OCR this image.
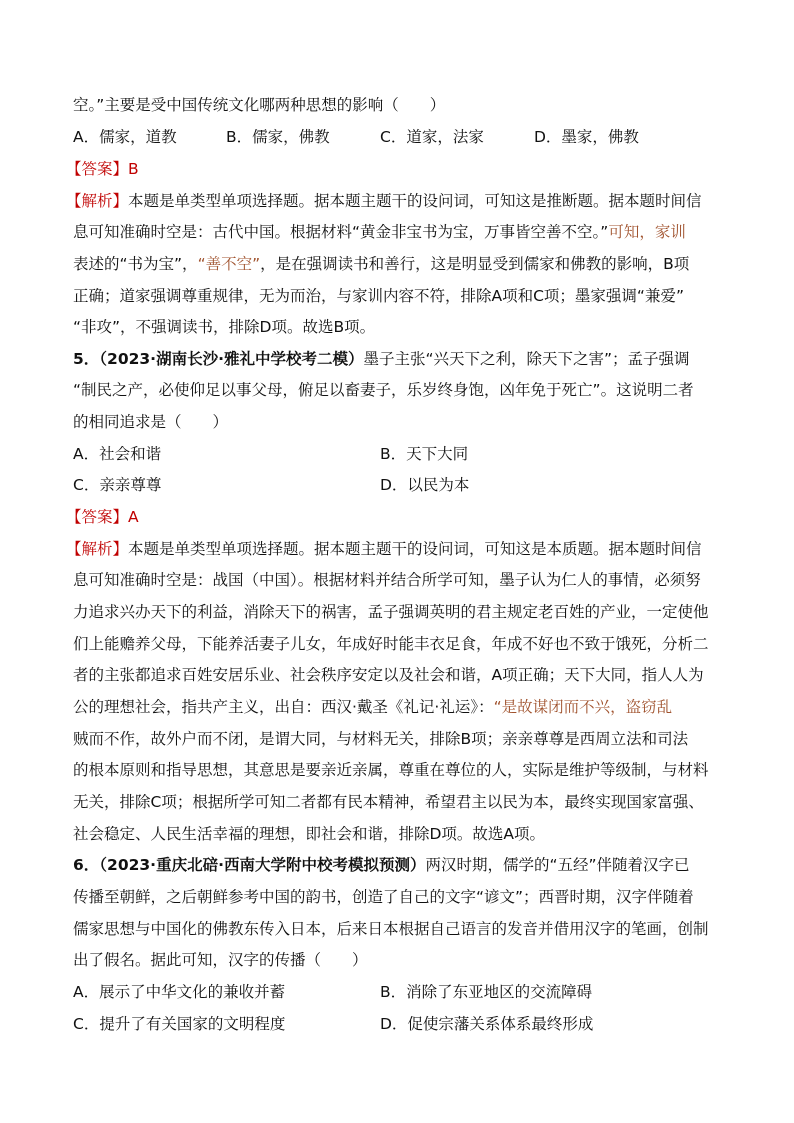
空。”主要是受中国传统文化哪两种思想的影响（　　）
A．儒家，道教	B．儒家，佛教	C．道家，法家	D．墨家，佛教
【答案】B
【解析】本题是单类型单项选择题。据本题主题干的设问词，可知这是推断题。据本题时间信
息可知准确时空是：古代中国。根据材料“黄金非宝书为宝，万事皆空善不空。”可知，家训
表述的“书为宝”，“善不空”，是在强调读书和善行，这是明显受到儒家和佛教的影响，B项
正确；道家强调尊重规律，无为而治，与家训内容不符，排除A项和C项；墨家强调“兼爱”
“非攻”，不强调读书，排除D项。故选B项。
5．（2023·湖南长沙·雅礼中学校考二模）墨子主张“兴天下之利，除天下之害”；孟子强调
“制民之产，必使仰足以事父母，俯足以畜妻子，乐岁终身饱，凶年免于死亡”。这说明二者
的相同追求是（　　）
A．社会和谐	B．天下大同
C．亲亲尊尊	D．以民为本
【答案】A
【解析】本题是单类型单项选择题。据本题主题干的设问词，可知这是本质题。据本题时间信
息可知准确时空是：战国（中国）。根据材料并结合所学可知，墨子认为仁人的事情，必须努
力追求兴办天下的利益，消除天下的祸害，孟子强调英明的君主规定老百姓的产业，一定使他
们上能赡养父母，下能养活妻子儿女，年成好时能丰衣足食，年成不好也不致于饿死，分析二
者的主张都追求百姓安居乐业、社会秩序安定以及社会和谐，A项正确；天下大同，指人人为
公的理想社会，指共产主义，出自：西汉·戴圣《礼记·礼运》：“是故谋闭而不兴，盗窃乱
贼而不作，故外户而不闭，是谓大同，与材料无关，排除B项；亲亲尊尊是西周立法和司法
的根本原则和指导思想，其意思是要亲近亲属，尊重在尊位的人，实际是维护等级制，与材料
无关，排除C项；根据所学可知二者都有民本精神，希望君主以民为本，最终实现国家富强、
社会稳定、人民生活幸福的理想，即社会和谐，排除D项。故选A项。
6．（2023·重庆北碚·西南大学附中校考模拟预测）两汉时期，儒学的“五经”伴随着汉字已
传播至朝鲜，之后朝鲜参考中国的韵书，创造了自己的文字“谚文”；西晋时期，汉字伴随着
儒家思想与中国化的佛教东传入日本，后来日本根据自己语言的发音并借用汉字的笔画，创制
出了假名。据此可知，汉字的传播（　　）
A．展示了中华文化的兼收并蓄	B．消除了东亚地区的交流障碍
C．提升了有关国家的文明程度	D．促使宗藩关系体系最终形成
